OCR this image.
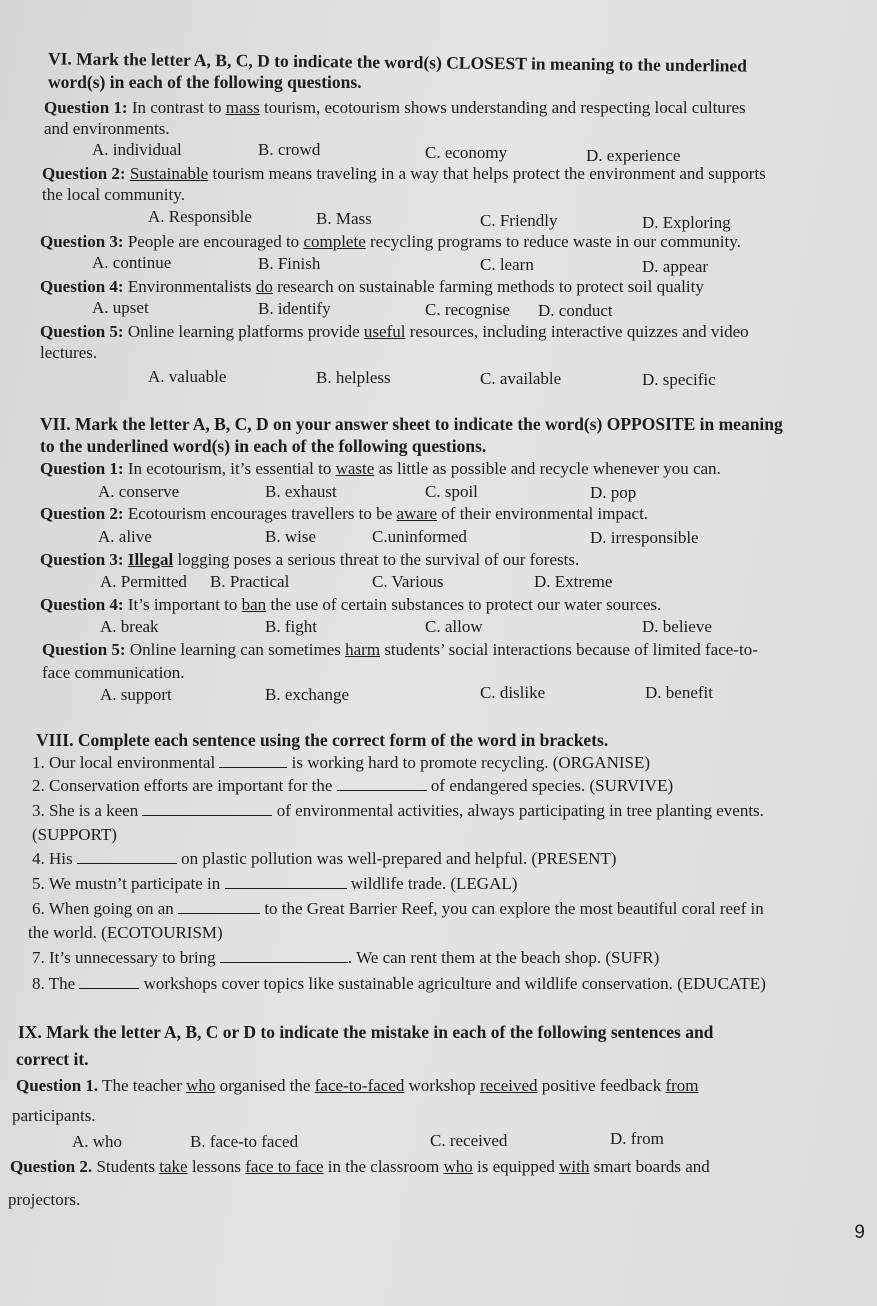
VI. Mark the letter A, B, C, D to indicate the word(s) CLOSEST in meaning to the underlined
word(s) in each of the following questions.
Question 1: In contrast to mass tourism, ecotourism shows understanding and respecting local cultures
and environments.
A. individual	B. crowd	C. economy	D. experience
Question 2: Sustainable tourism means traveling in a way that helps protect the environment and supports
the local community.
A. Responsible	B. Mass	C. Friendly	D. Exploring
Question 3: People are encouraged to complete recycling programs to reduce waste in our community.
A. continue	B. Finish	C. learn	D. appear
Question 4: Environmentalists do research on sustainable farming methods to protect soil quality
A. upset	B. identify	C. recognise D. conduct
Question 5: Online learning platforms provide useful resources, including interactive quizzes and video
lectures.
A. valuable	B. helpless	C. available	D. specific
VII. Mark the letter A, B, C, D on your answer sheet to indicate the word(s) OPPOSITE in meaning
to the underlined word(s) in each of the following questions.
Question 1: In ecotourism, it’s essential to waste as little as possible and recycle whenever you can.
A. conserve	B. exhaust	C. spoil	D. pop
Question 2: Ecotourism encourages travellers to be aware of their environmental impact.
A. alive	B. wise	C.uninformed	D. irresponsible
Question 3: Illegal logging poses a serious threat to the survival of our forests.
A. Permitted B. Practical	C. Various	D. Extreme
Question 4: It’s important to ban the use of certain substances to protect our water sources.
A. break	B. fight	C. allow	D. believe
Question 5: Online learning can sometimes harm students’ social interactions because of limited face-to-
face communication.
A. support	B. exchange	C. dislike	D. benefit
VIII. Complete each sentence using the correct form of the word in brackets.
1. Our local environmental	is working hard to promote recycling. (ORGANISE)
2. Conservation efforts are important for the	of endangered species. (SURVIVE)
3. She is a keen	of environmental activities, always participating in tree planting events.
(SUPPORT)
4. His	on plastic pollution was well-prepared and helpful. (PRESENT)
5. We mustn’t participate in	wildlife trade. (LEGAL)
6. When going on an	to the Great Barrier Reef, you can explore the most beautiful coral reef in
the world. (ECOTOURISM)
7. It’s unnecessary to bring	. We can rent them at the beach shop. (SUFR)
8. The	workshops cover topics like sustainable agriculture and wildlife conservation. (EDUCATE)
IX. Mark the letter A, B, C or D to indicate the mistake in each of the following sentences and
correct it.
Question 1. The teacher who organised the face-to-faced workshop received positive feedback from
participants.
A. who	B. face-to faced	C. received	D. from
Question 2. Students take lessons face to face in the classroom who is equipped with smart boards and
projectors.
9
